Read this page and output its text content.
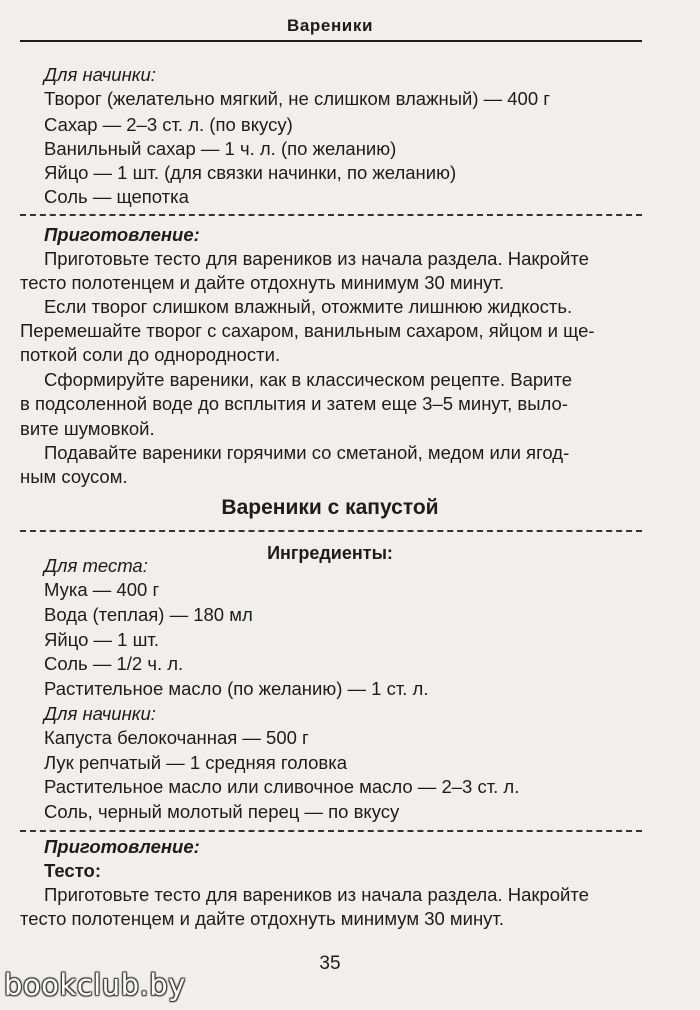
Вареники
Для начинки:
Творог (желательно мягкий, не слишком влажный) — 400 г
Сахар — 2–3 ст. л. (по вкусу)
Ванильный сахар — 1 ч. л. (по желанию)
Яйцо — 1 шт. (для связки начинки, по желанию)
Соль — щепотка
Приготовление:
Приготовьте тесто для вареников из начала раздела. Накройте
тесто полотенцем и дайте отдохнуть минимум 30 минут.
Если творог слишком влажный, отожмите лишнюю жидкость.
Перемешайте творог с сахаром, ванильным сахаром, яйцом и ще-
поткой соли до однородности.
Сформируйте вареники, как в классическом рецепте. Варите
в подсоленной воде до всплытия и затем еще 3–5 минут, выло-
вите шумовкой.
Подавайте вареники горячими со сметаной, медом или ягод-
ным соусом.
Вареники с капустой
Ингредиенты:
Для теста:
Мука — 400 г
Вода (теплая) — 180 мл
Яйцо — 1 шт.
Соль — 1/2 ч. л.
Растительное масло (по желанию) — 1 ст. л.
Для начинки:
Капуста белокочанная — 500 г
Лук репчатый — 1 средняя головка
Растительное масло или сливочное масло — 2–3 ст. л.
Соль, черный молотый перец — по вкусу
Приготовление:
Тесто:
Приготовьте тесто для вареников из начала раздела. Накройте
тесто полотенцем и дайте отдохнуть минимум 30 минут.
35
bookclub.by
